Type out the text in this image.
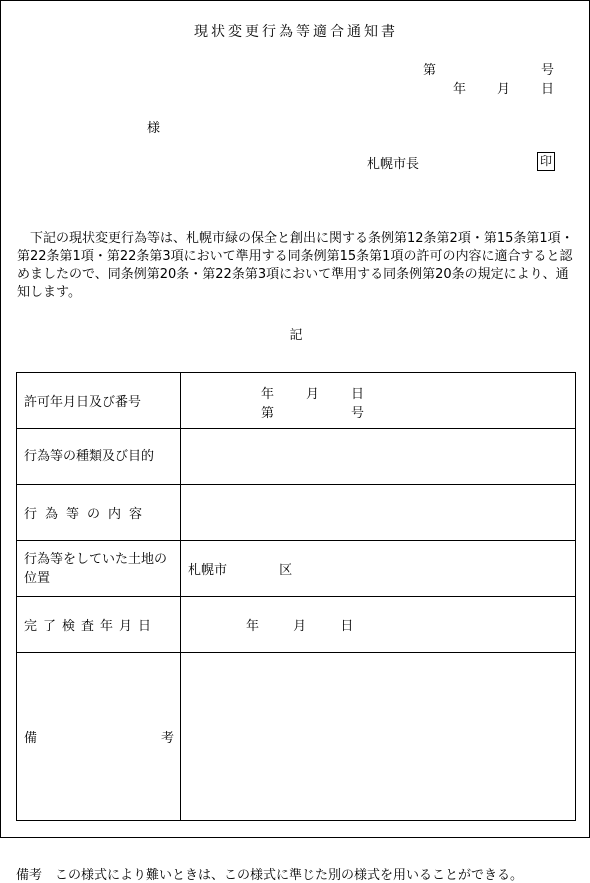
現状変更行為等適合通知書
第	号
年 月 日
様
札幌市長	印
下記の現状変更行為等は、札幌市緑の保全と創出に関する条例第12条第2項・第15条第1項・第22条第1項・第22条第3項において準用する同条例第15条第1項の許可の内容に適合すると認めましたので、同条例第20条・第22条第3項において準用する同条例第20条の規定により、通知します。
記
許可年月日及び番号	年 月 日
第 号

行為等の種類及び目的	
行為等の内容	
行為等をしていた土地の位置	札幌市 区
完了検査年月日	年 月 日

備 考	

備考　この様式により難いときは、この様式に準じた別の様式を用いることができる。
